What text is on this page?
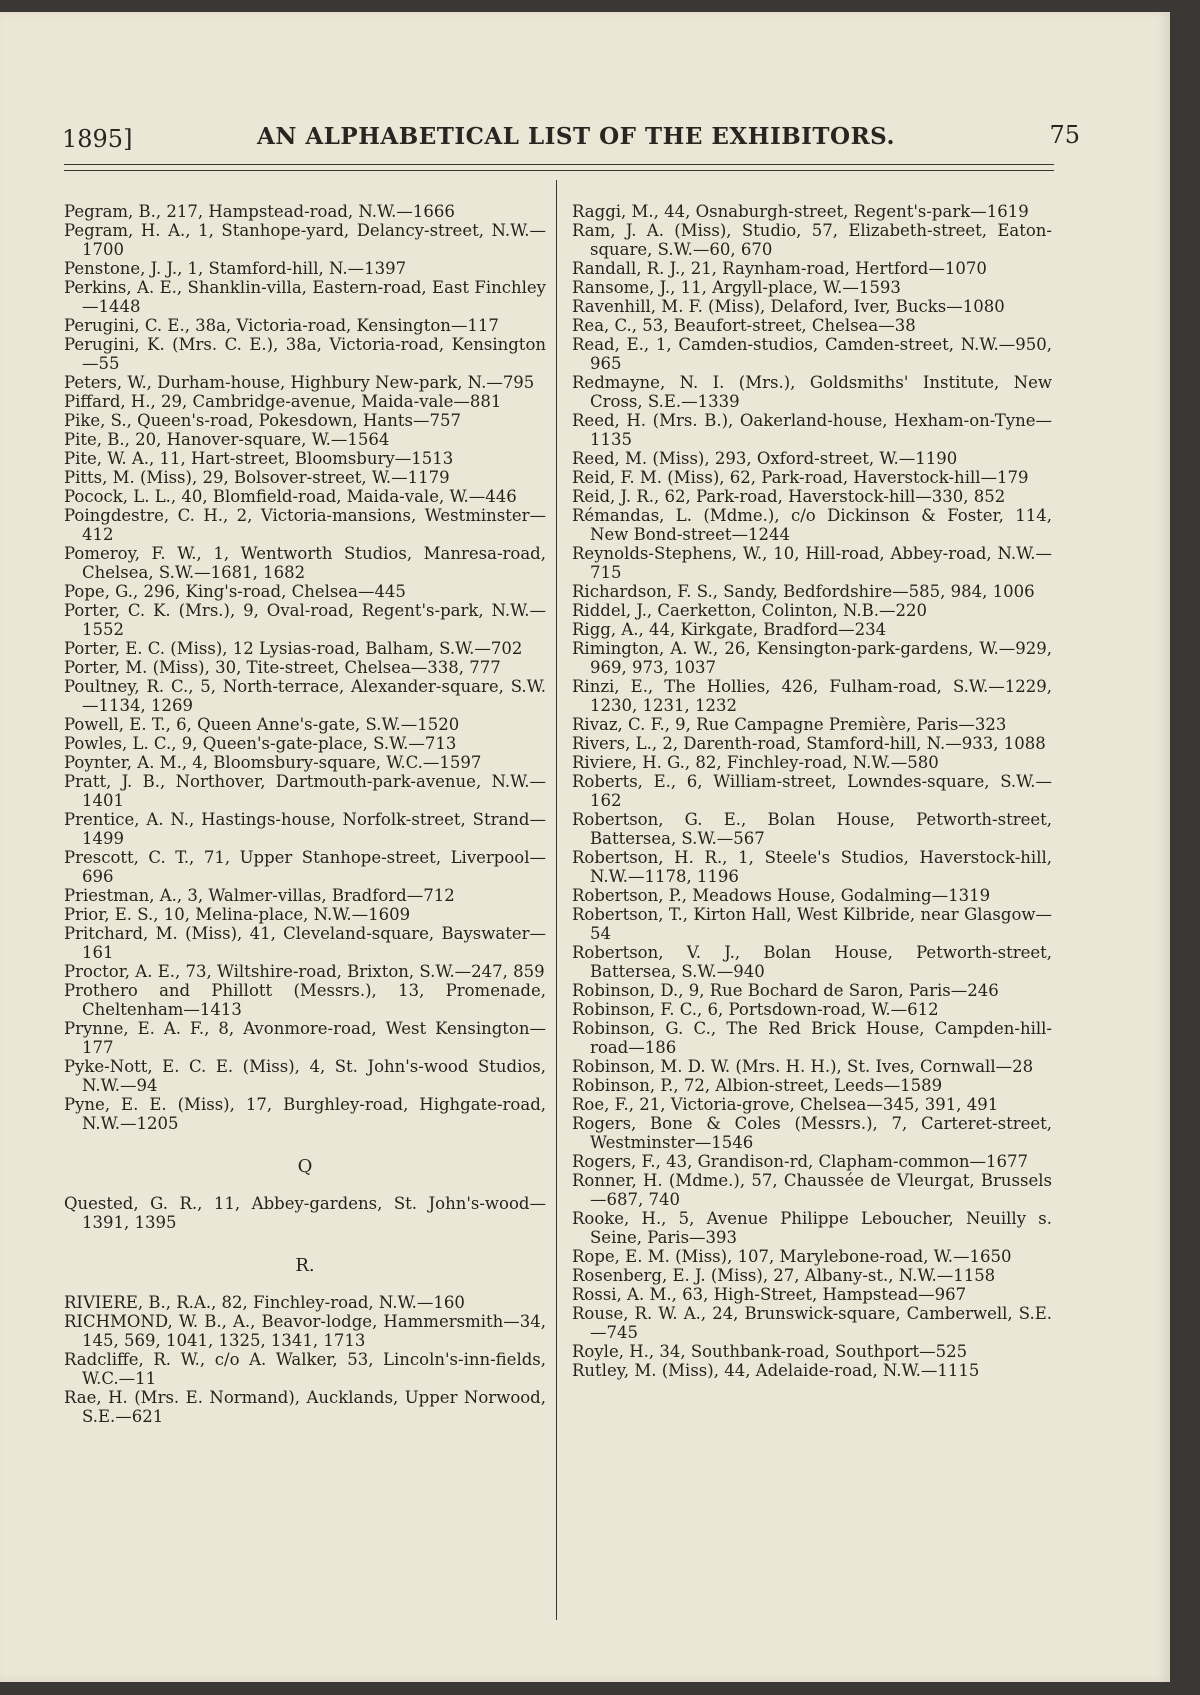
1895]	AN ALPHABETICAL LIST OF THE EXHIBITORS.	75

Pegram, B., 217, Hampstead-road, N.W.—1666

Pegram, H. A., 1, Stanhope-yard, Delancy-street, N.W.—1700

Penstone, J. J., 1, Stamford-hill, N.—1397

Perkins, A. E., Shanklin-villa, Eastern-road, East Finchley—1448

Perugini, C. E., 38a, Victoria-road, Kensington—117

Perugini, K. (Mrs. C. E.), 38a, Victoria-road, Kensington—55

Peters, W., Durham-house, Highbury New-park, N.—795

Piffard, H., 29, Cambridge-avenue, Maida-vale—881

Pike, S., Queen's-road, Pokesdown, Hants—757

Pite, B., 20, Hanover-square, W.—1564

Pite, W. A., 11, Hart-street, Bloomsbury—1513

Pitts, M. (Miss), 29, Bolsover-street, W.—1179

Pocock, L. L., 40, Blomfield-road, Maida-vale, W.—446

Poingdestre, C. H., 2, Victoria-mansions, Westminster—412

Pomeroy, F. W., 1, Wentworth Studios, Manresa-road, Chelsea, S.W.—1681, 1682

Pope, G., 296, King's-road, Chelsea—445

Porter, C. K. (Mrs.), 9, Oval-road, Regent's-park, N.W.—1552

Porter, E. C. (Miss), 12 Lysias-road, Balham, S.W.—702

Porter, M. (Miss), 30, Tite-street, Chelsea—338, 777

Poultney, R. C., 5, North-terrace, Alexander-square, S.W.—1134, 1269

Powell, E. T., 6, Queen Anne's-gate, S.W.—1520

Powles, L. C., 9, Queen's-gate-place, S.W.—713

Poynter, A. M., 4, Bloomsbury-square, W.C.—1597

Pratt, J. B., Northover, Dartmouth-park-avenue, N.W.—1401

Prentice, A. N., Hastings-house, Norfolk-street, Strand—1499

Prescott, C. T., 71, Upper Stanhope-street, Liverpool—696

Priestman, A., 3, Walmer-villas, Bradford—712

Prior, E. S., 10, Melina-place, N.W.—1609

Pritchard, M. (Miss), 41, Cleveland-square, Bayswater—161

Proctor, A. E., 73, Wiltshire-road, Brixton, S.W.—247, 859

Prothero and Phillott (Messrs.), 13, Promenade, Cheltenham—1413

Prynne, E. A. F., 8, Avonmore-road, West Kensington—177

Pyke-Nott, E. C. E. (Miss), 4, St. John's-wood Studios, N.W.—94

Pyne, E. E. (Miss), 17, Burghley-road, Highgate-road, N.W.—1205

Q

Quested, G. R., 11, Abbey-gardens, St. John's-wood—1391, 1395

R.

RIVIERE, B., R.A., 82, Finchley-road, N.W.—160

RICHMOND, W. B., A., Beavor-lodge, Hammersmith—34, 145, 569, 1041, 1325, 1341, 1713

Radcliffe, R. W., c/o A. Walker, 53, Lincoln's-inn-fields, W.C.—11

Rae, H. (Mrs. E. Normand), Aucklands, Upper Norwood, S.E.—621

Raggi, M., 44, Osnaburgh-street, Regent's-park—1619

Ram, J. A. (Miss), Studio, 57, Elizabeth-street, Eaton-square, S.W.—60, 670

Randall, R. J., 21, Raynham-road, Hertford—1070

Ransome, J., 11, Argyll-place, W.—1593

Ravenhill, M. F. (Miss), Delaford, Iver, Bucks—1080

Rea, C., 53, Beaufort-street, Chelsea—38

Read, E., 1, Camden-studios, Camden-street, N.W.—950, 965

Redmayne, N. I. (Mrs.), Goldsmiths' Institute, New Cross, S.E.—1339

Reed, H. (Mrs. B.), Oakerland-house, Hexham-on-Tyne—1135

Reed, M. (Miss), 293, Oxford-street, W.—1190

Reid, F. M. (Miss), 62, Park-road, Haverstock-hill—179

Reid, J. R., 62, Park-road, Haverstock-hill—330, 852

Rémandas, L. (Mdme.), c/o Dickinson & Foster, 114, New Bond-street—1244

Reynolds-Stephens, W., 10, Hill-road, Abbey-road, N.W.—715

Richardson, F. S., Sandy, Bedfordshire—585, 984, 1006

Riddel, J., Caerketton, Colinton, N.B.—220

Rigg, A., 44, Kirkgate, Bradford—234

Rimington, A. W., 26, Kensington-park-gardens, W.—929, 969, 973, 1037

Rinzi, E., The Hollies, 426, Fulham-road, S.W.—1229, 1230, 1231, 1232

Rivaz, C. F., 9, Rue Campagne Première, Paris—323

Rivers, L., 2, Darenth-road, Stamford-hill, N.—933, 1088

Riviere, H. G., 82, Finchley-road, N.W.—580

Roberts, E., 6, William-street, Lowndes-square, S.W.—162

Robertson, G. E., Bolan House, Petworth-street, Battersea, S.W.—567

Robertson, H. R., 1, Steele's Studios, Haverstock-hill, N.W.—1178, 1196

Robertson, P., Meadows House, Godalming—1319

Robertson, T., Kirton Hall, West Kilbride, near Glasgow—54

Robertson, V. J., Bolan House, Petworth-street, Battersea, S.W.—940

Robinson, D., 9, Rue Bochard de Saron, Paris—246

Robinson, F. C., 6, Portsdown-road, W.—612

Robinson, G. C., The Red Brick House, Campden-hill-road—186

Robinson, M. D. W. (Mrs. H. H.), St. Ives, Cornwall—28

Robinson, P., 72, Albion-street, Leeds—1589

Roe, F., 21, Victoria-grove, Chelsea—345, 391, 491

Rogers, Bone & Coles (Messrs.), 7, Carteret-street, Westminster—1546

Rogers, F., 43, Grandison-rd, Clapham-common—1677

Ronner, H. (Mdme.), 57, Chaussée de Vleurgat, Brussels—687, 740

Rooke, H., 5, Avenue Philippe Leboucher, Neuilly s. Seine, Paris—393

Rope, E. M. (Miss), 107, Marylebone-road, W.—1650

Rosenberg, E. J. (Miss), 27, Albany-st., N.W.—1158

Rossi, A. M., 63, High-Street, Hampstead—967

Rouse, R. W. A., 24, Brunswick-square, Camberwell, S.E.—745

Royle, H., 34, Southbank-road, Southport—525

Rutley, M. (Miss), 44, Adelaide-road, N.W.—1115
